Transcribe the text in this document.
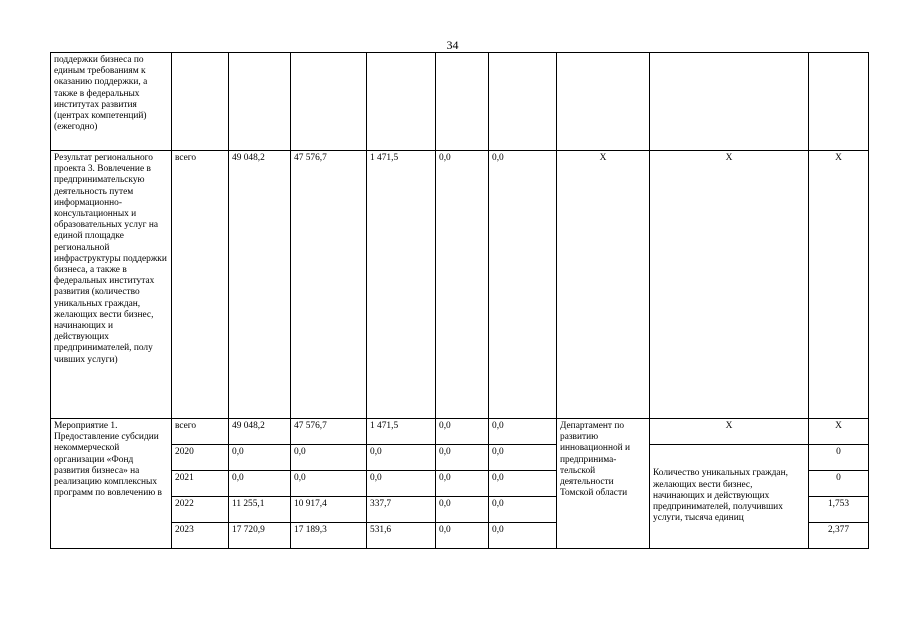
34
поддержки бизнеса по единым требованиям к оказанию поддержки, а также в федеральных институтах развития (центрах компетенций) (ежегодно)									
Результат регионального проекта 3. Вовлечение в предпринимательскую деятельность путем информационно-консультационных и образовательных услуг на единой площадке региональной инфраструктуры поддержки бизнеса, а также в федеральных институтах развития (количество уникальных граждан, желающих вести бизнес, начинающих и действующих предпринимателей, полу чивших услуги)	всего	49 048,2	47 576,7	1 471,5	0,0	0,0	Х	Х	Х
Мероприятие 1. Предоставление субсидии некоммерческой организации «Фонд развития бизнеса» на реализацию комплексных программ по вовлечению в	всего	49 048,2	47 576,7	1 471,5	0,0	0,0	Департамент по развитию инновационной и предпринима-тельской деятельности Томской области	Х	Х
	2020	0,0	0,0	0,0	0,0	0,0		Количество уникальных граждан, желающих вести бизнес, начинающих и действующих предпринимателей, получивших услуги, тысяча единиц	0
	2021	0,0	0,0	0,0	0,0	0,0			0
	2022	11 255,1	10 917,4	337,7	0,0	0,0			1,753
	2023	17 720,9	17 189,3	531,6	0,0	0,0			2,377
